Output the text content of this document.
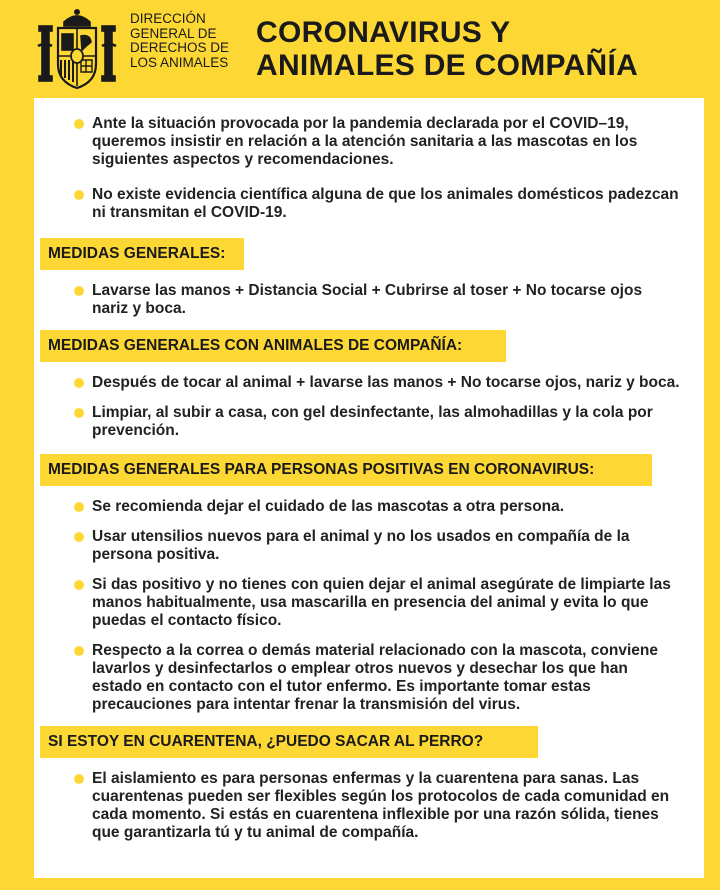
DIRECCIÓN
GENERAL DE
DERECHOS DE
LOS ANIMALES
CORONAVIRUS Y
ANIMALES DE COMPAÑÍA
Ante la situación provocada por la pandemia declarada por el COVID–19, queremos insistir en relación a la atención sanitaria a las mascotas en los siguientes aspectos y recomendaciones.
No existe evidencia científica alguna de que los animales domésticos padezcan ni transmitan el COVID-19.
MEDIDAS GENERALES:
Lavarse las manos + Distancia Social + Cubrirse al toser + No tocarse ojos nariz y boca.
MEDIDAS GENERALES CON ANIMALES DE COMPAÑÍA:
Después de tocar al animal + lavarse las manos + No tocarse ojos, nariz y boca.
Limpiar, al subir a casa, con gel desinfectante, las almohadillas y la cola por prevención.
MEDIDAS GENERALES PARA PERSONAS POSITIVAS EN CORONAVIRUS:
Se recomienda dejar el cuidado de las mascotas a otra persona.
Usar utensilios nuevos para el animal y no los usados en compañía de la persona positiva.
Si das positivo y no tienes con quien dejar el animal asegúrate de limpiarte las manos habitualmente, usa mascarilla en presencia del animal y evita lo que puedas el contacto físico.
Respecto a la correa o demás material relacionado con la mascota, conviene lavarlos y desinfectarlos o emplear otros nuevos y desechar los que han estado en contacto con el tutor enfermo. Es importante tomar estas precauciones para intentar frenar la transmisión del virus.
SI ESTOY EN CUARENTENA, ¿PUEDO SACAR AL PERRO?
El aislamiento es para personas enfermas y la cuarentena para sanas. Las cuarentenas pueden ser flexibles según los protocolos de cada comunidad en cada momento. Si estás en cuarentena inflexible por una razón sólida, tienes que garantizarla tú y tu animal de compañía.
